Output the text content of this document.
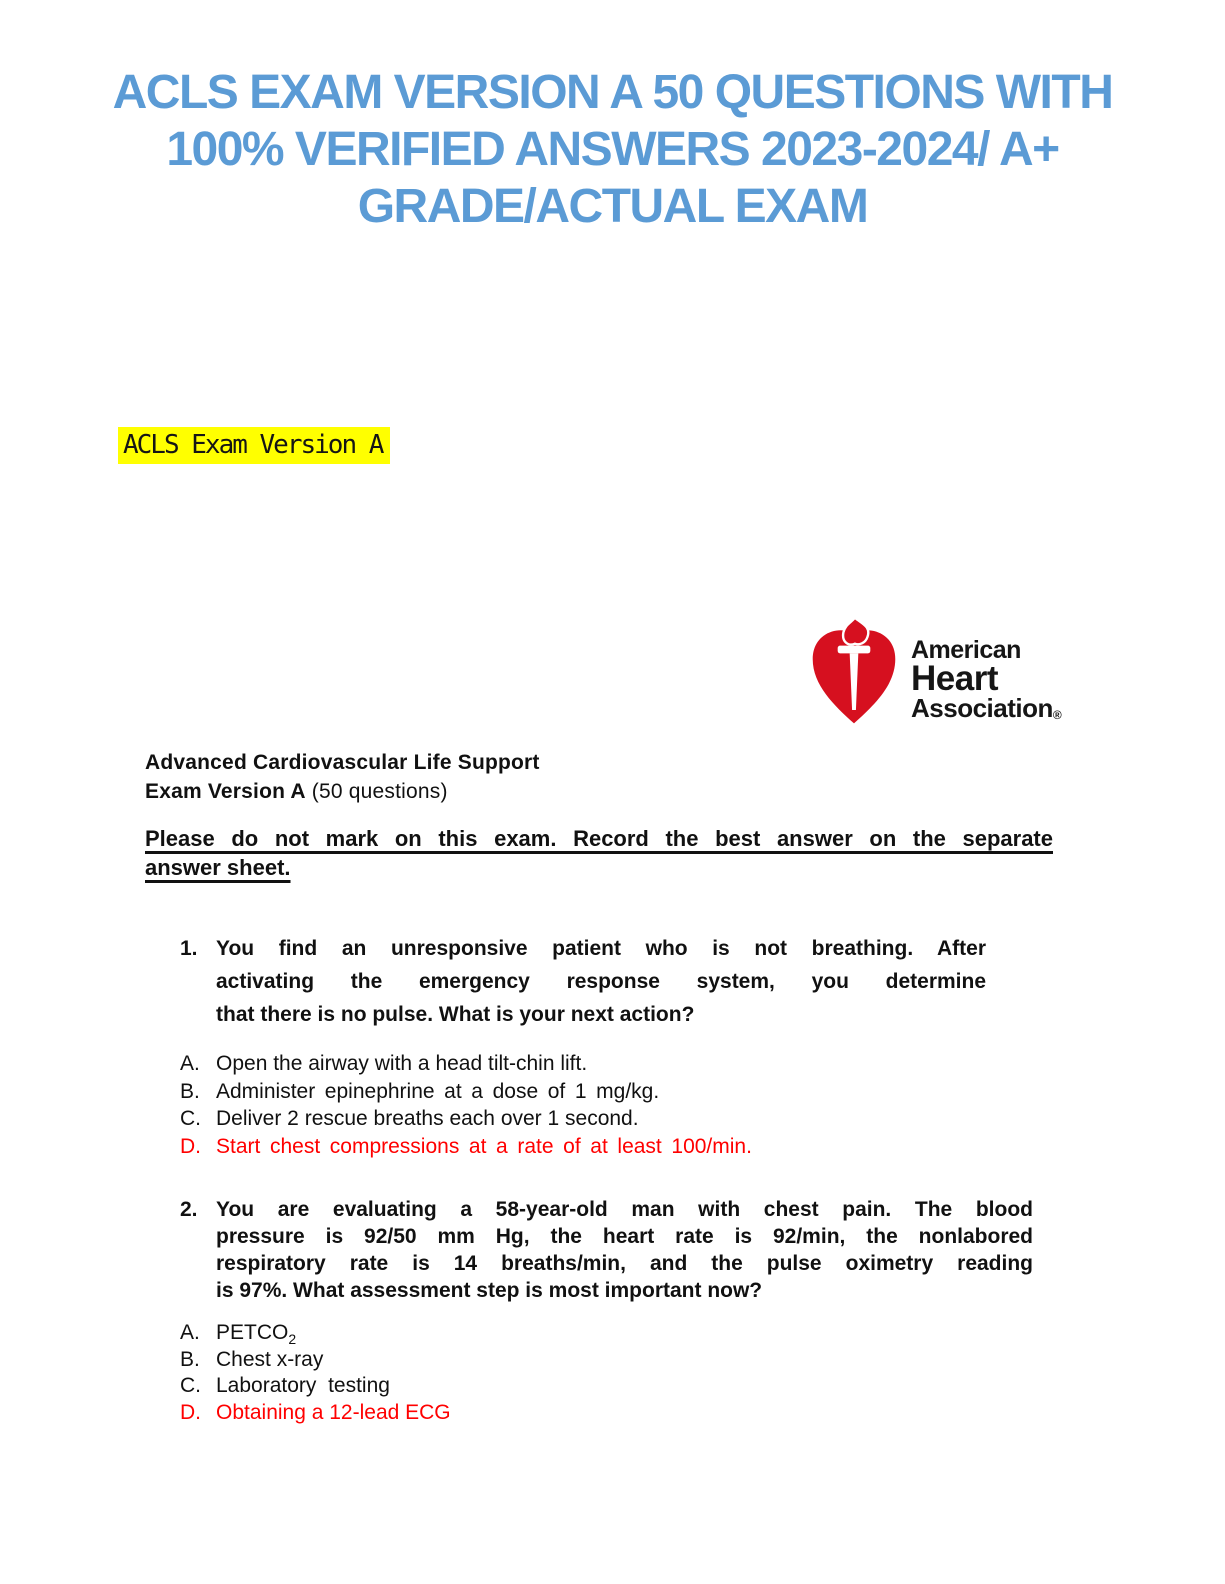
ACLS EXAM VERSION A 50 QUESTIONS WITH
100% VERIFIED ANSWERS 2023-2024/ A+
GRADE/ACTUAL EXAM
ACLS Exam Version A
American
Heart
Association®
Advanced Cardiovascular Life Support
Exam Version A (50 questions)
Please do not mark on this exam. Record the best answer on the separate
answer sheet.
1. You find an unresponsive patient who is not breathing. After
activating the emergency response system, you determine
that there is no pulse. What is your next action?
A. Open the airway with a head tilt-chin lift.
B. Administer epinephrine at a dose of 1 mg/kg.
C. Deliver 2 rescue breaths each over 1 second.
D. Start chest compressions at a rate of at least 100/min.
2. You are evaluating a 58-year-old man with chest pain. The blood
pressure is 92/50 mm Hg, the heart rate is 92/min, the nonlabored
respiratory rate is 14 breaths/min, and the pulse oximetry reading
is 97%. What assessment step is most important now?
A. $PETCO_2$
B. Chest x-ray
C. Laboratory  testing
D. Obtaining a 12-lead ECG
